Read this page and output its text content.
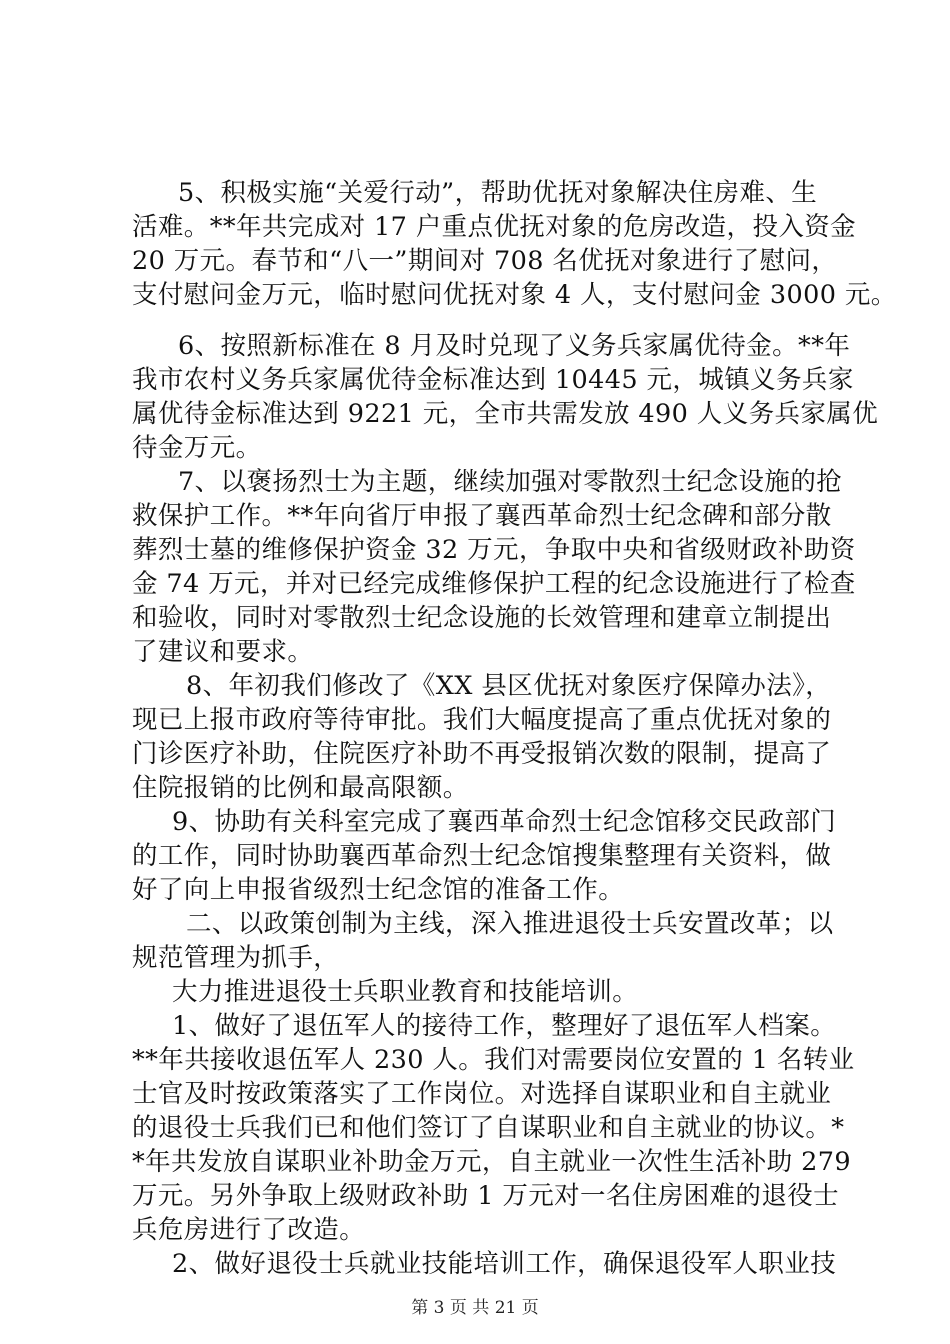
5、积极实施“关爱行动”，帮助优抚对象解决住房难、生
活难。**年共完成对 17 户重点优抚对象的危房改造，投入资金
20 万元。春节和“八一”期间对 708 名优抚对象进行了慰问，
支付慰问金万元，临时慰问优抚对象 4 人，支付慰问金 3000 元。
6、按照新标准在 8 月及时兑现了义务兵家属优待金。**年
我市农村义务兵家属优待金标准达到 10445 元，城镇义务兵家
属优待金标准达到 9221 元，全市共需发放 490 人义务兵家属优
待金万元。
7、以褒扬烈士为主题，继续加强对零散烈士纪念设施的抢
救保护工作。**年向省厅申报了襄西革命烈士纪念碑和部分散
葬烈士墓的维修保护资金 32 万元，争取中央和省级财政补助资
金 74 万元，并对已经完成维修保护工程的纪念设施进行了检查
和验收，同时对零散烈士纪念设施的长效管理和建章立制提出
了建议和要求。
8、年初我们修改了《XX 县区优抚对象医疗保障办法》，
现已上报市政府等待审批。我们大幅度提高了重点优抚对象的
门诊医疗补助，住院医疗补助不再受报销次数的限制，提高了
住院报销的比例和最高限额。
9、协助有关科室完成了襄西革命烈士纪念馆移交民政部门
的工作，同时协助襄西革命烈士纪念馆搜集整理有关资料，做
好了向上申报省级烈士纪念馆的准备工作。
二、以政策创制为主线，深入推进退役士兵安置改革；以
规范管理为抓手，
大力推进退役士兵职业教育和技能培训。
1、做好了退伍军人的接待工作，整理好了退伍军人档案。
**年共接收退伍军人 230 人。我们对需要岗位安置的 1 名转业
士官及时按政策落实了工作岗位。对选择自谋职业和自主就业
的退役士兵我们已和他们签订了自谋职业和自主就业的协议。*
*年共发放自谋职业补助金万元，自主就业一次性生活补助 279
万元。另外争取上级财政补助 1 万元对一名住房困难的退役士
兵危房进行了改造。
2、做好退役士兵就业技能培训工作，确保退役军人职业技
第 3 页 共 21 页
